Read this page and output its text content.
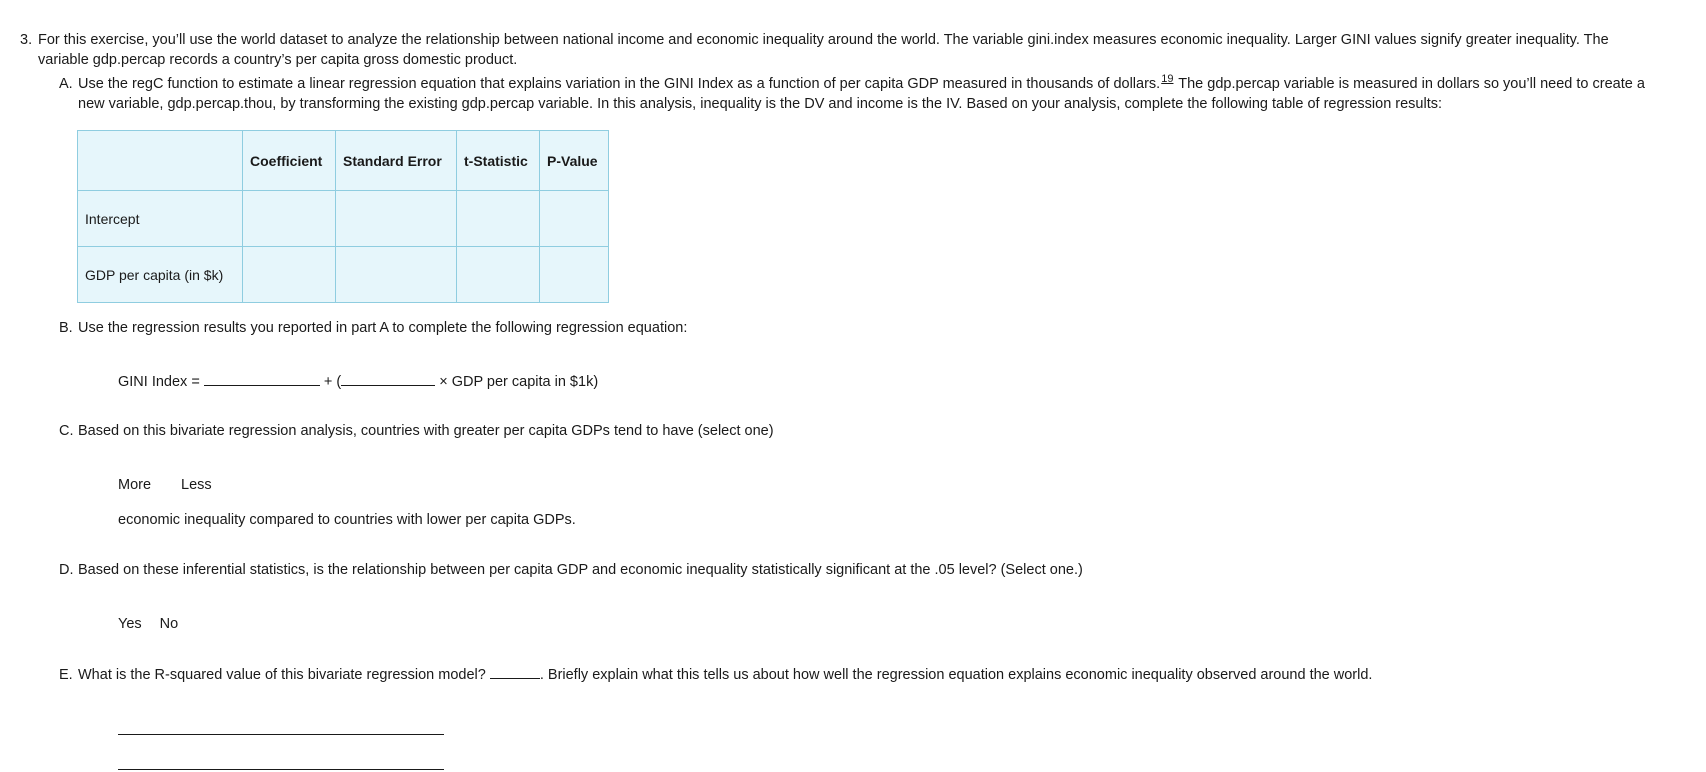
3. For this exercise, you’ll use the world dataset to analyze the relationship between national income and economic inequality around the world. The variable gini.index measures economic inequality. Larger GINI values signify greater inequality. The
variable gdp.percap records a country’s per capita gross domestic product.
A. Use the regC function to estimate a linear regression equation that explains variation in the GINI Index as a function of per capita GDP measured in thousands of dollars.$^{19}$ The gdp.percap variable is measured in dollars so you’ll need to create a
new variable, gdp.percap.thou, by transforming the existing gdp.percap variable. In this analysis, inequality is the DV and income is the IV. Based on your analysis, complete the following table of regression results:
	Coefficient	Standard Error	t-Statistic	P-Value
Intercept				
GDP per capita (in $k)				
B. Use the regression results you reported in part A to complete the following regression equation:
GINI Index =	+ (	× GDP per capita in $1k)
C. Based on this bivariate regression analysis, countries with greater per capita GDPs tend to have (select one)
More Less
economic inequality compared to countries with lower per capita GDPs.
D. Based on these inferential statistics, is the relationship between per capita GDP and economic inequality statistically significant at the .05 level? (Select one.)
Yes No
E. What is the R-squared value of this bivariate regression model?	. Briefly explain what this tells us about how well the regression equation explains economic inequality observed around the world.
